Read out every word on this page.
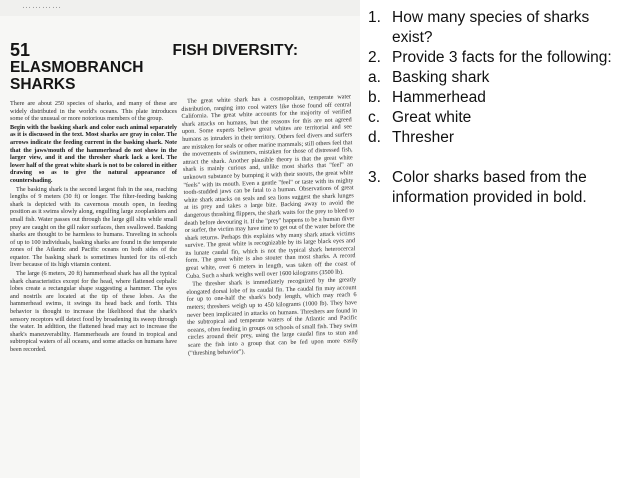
…………
51	FISH DIVERSITY:
ELASMOBRANCH
SHARKS

There are about 250 species of sharks, and many of these are widely distributed in the world's oceans. This plate introduces some of the unusual or more notorious members of the group.

Begin with the basking shark and color each animal separately as it is discussed in the text. Most sharks are gray in color. The arrows indicate the feeding current in the basking shark. Note that the jaws/mouth of the hammerhead do not show in the larger view, and it and the thresher shark lack a keel. The lower half of the great white shark is not to be colored in either drawing so as to give the natural appearance of countershading.

The basking shark is the second largest fish in the sea, reaching lengths of 9 meters (30 ft) or longer. The filter-feeding basking shark is depicted with its cavernous mouth open, in feeding position as it swims slowly along, engulfing large zooplankters and small fish. Water passes out through the large gill slits while small prey are caught on the gill raker surfaces, then swallowed. Basking sharks are thought to be harmless to humans. Traveling in schools of up to 100 individuals, basking sharks are found in the temperate zones of the Atlantic and Pacific oceans on both sides of the equator. The basking shark is sometimes hunted for its oil-rich liver because of its high vitamin content.

The large (6 meters, 20 ft) hammerhead shark has all the typical shark characteristics except for the head, where flattened cephalic lobes create a rectangular shape suggesting a hammer. The eyes and nostrils are located at the tip of these lobes. As the hammerhead swims, it swings its head back and forth. This behavior is thought to increase the likelihood that the shark's sensory receptors will detect food by broadening its sweep through the water. In addition, the flattened head may act to increase the shark's maneuverability. Hammerheads are found in tropical and subtropical waters of all oceans, and some attacks on humans have been recorded.

The great white shark has a cosmopolitan, temperate water distribution, ranging into cool waters like those found off central California. The great white accounts for the majority of verified shark attacks on humans, but the reasons for this are not agreed upon. Some experts believe great whites are territorial and see humans as intruders in their territory. Others feel divers and surfers are mistaken for seals or other marine mammals; still others feel that the movements of swimmers, mistaken for those of distressed fish, attract the shark. Another plausible theory is that the great white shark is mainly curious and, unlike most sharks that "feel" an unknown substance by bumping it with their snouts, the great white "feels" with its mouth. Even a gentle "feel" or taste with its mighty tooth-studded jaws can be fatal to a human. Observations of great white shark attacks on seals and sea lions suggest the shark lunges at its prey and takes a large bite. Backing away to avoid the dangerous thrashing flippers, the shark waits for the prey to bleed to death before devouring it. If the "prey" happens to be a human diver or surfer, the victim may have time to get out of the water before the shark returns. Perhaps this explains why many shark attack victims survive. The great white is recognizable by its large black eyes and its lunate caudal fin, which is not the typical shark heterocercal form. The great white is also stouter than most sharks. A record great white, over 6 meters in length, was taken off the coast of Cuba. Such a shark weighs well over 1600 kilograms (3500 lb).

The thresher shark is immediately recognized by the greatly elongated dorsal lobe of its caudal fin. The caudal fin may account for up to one-half the shark's body length, which may reach 6 meters; threshers weigh up to 450 kilograms (1000 lb). They have never been implicated in attacks on humans. Threshers are found in the subtropical and temperate waters of the Atlantic and Pacific oceans, often feeding in groups on schools of small fish. They swim circles around their prey, using the large caudal fins to stun and scare the fish into a group that can be fed upon more easily ("threshing behavior").

1. How many species of sharks exist?
2. Provide 3 facts for the following:
a. Basking shark
b. Hammerhead
c. Great white
d. Thresher
3. Color sharks based from the information provided in bold.
